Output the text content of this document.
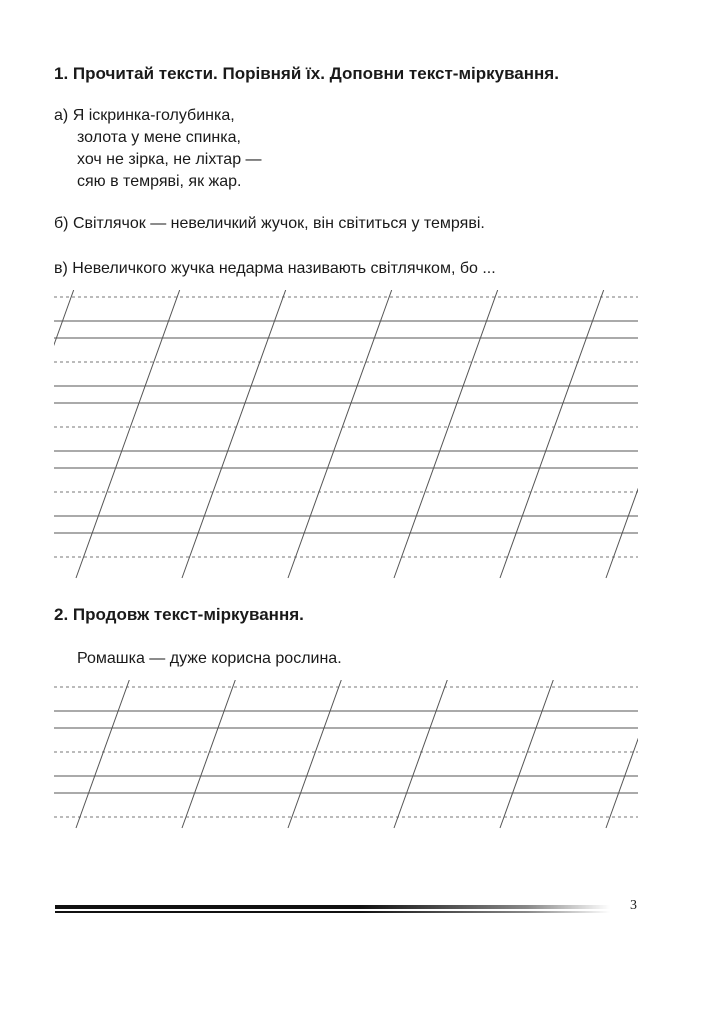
1. Прочитай тексти. Порівняй їх. Доповни текст-міркування.
а) Я іскринка-голубинка,
золота у мене спинка,
хоч не зірка, не ліхтар —
сяю в темряві, як жар.

б) Світлячок — невеличкий жучок, він світиться у темряві.

в) Невеличкого жучка недарма називають світлячком, бо ...

2. Продовж текст-міркування.

Ромашка — дуже корисна рослина.

3
